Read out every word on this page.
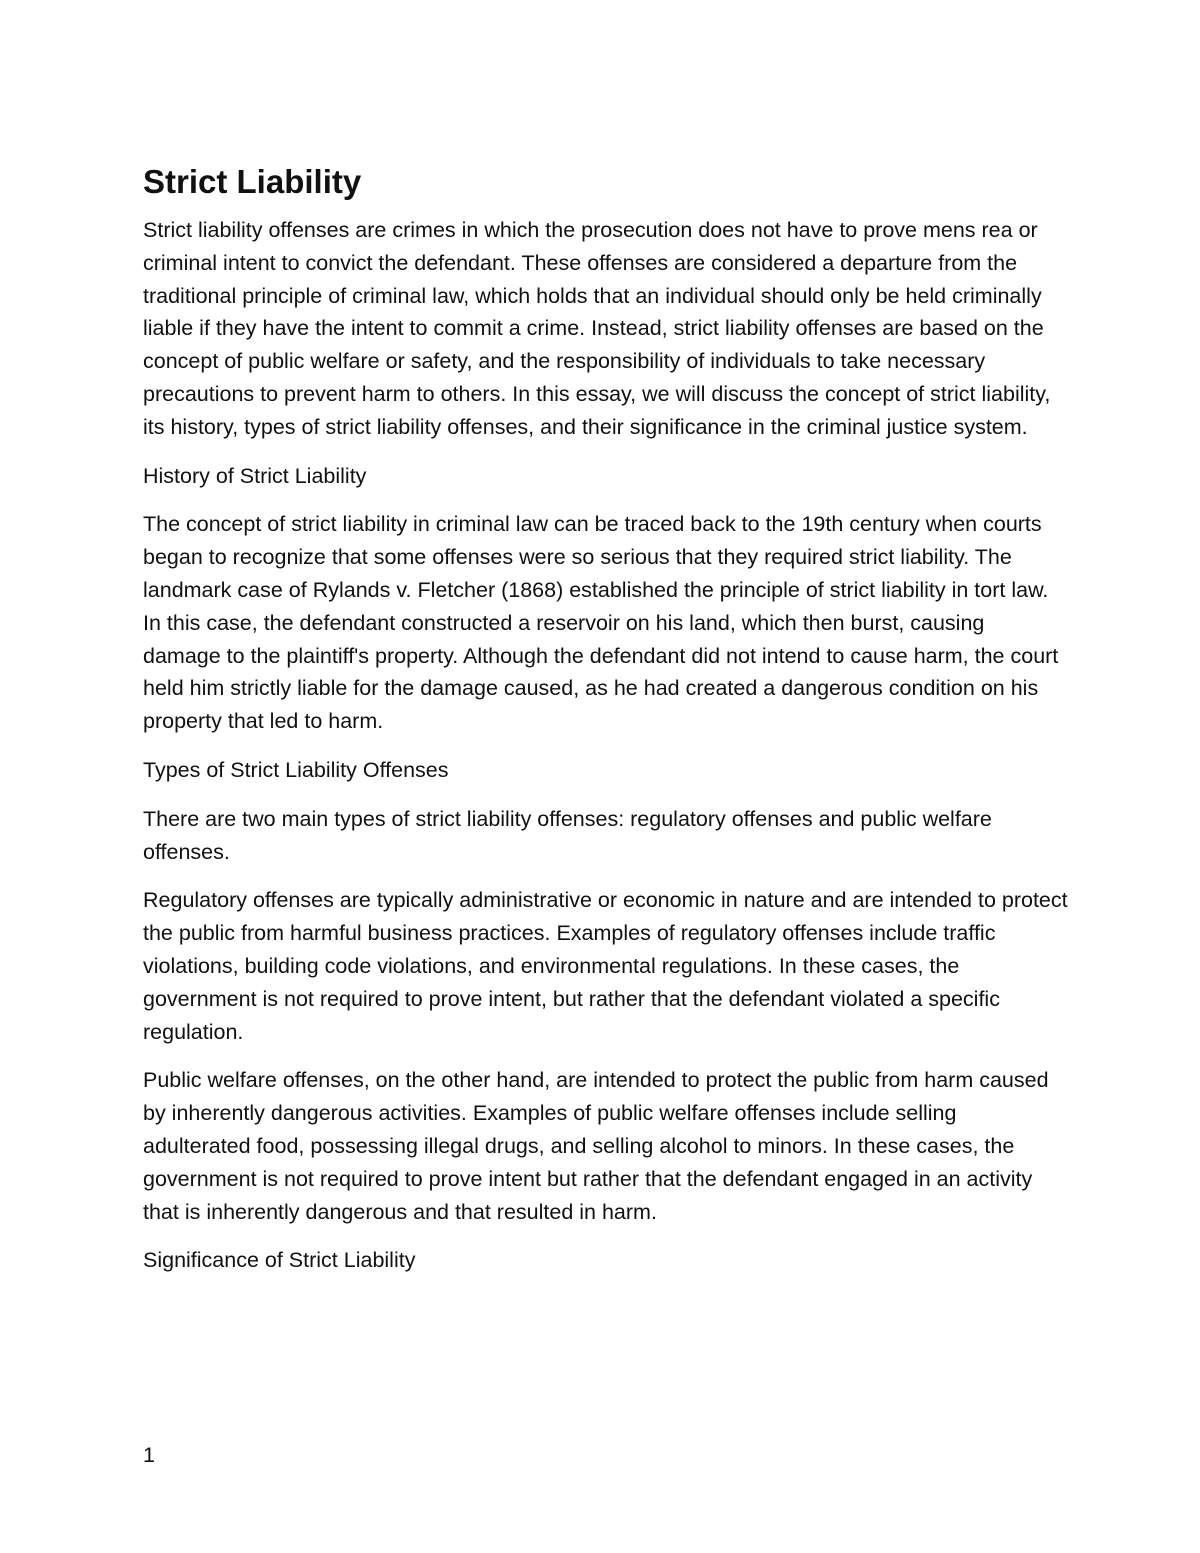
Strict Liability

Strict liability offenses are crimes in which the prosecution does not have to prove mens rea or criminal intent to convict the defendant. These offenses are considered a departure from the traditional principle of criminal law, which holds that an individual should only be held criminally liable if they have the intent to commit a crime. Instead, strict liability offenses are based on the concept of public welfare or safety, and the responsibility of individuals to take necessary precautions to prevent harm to others. In this essay, we will discuss the concept of strict liability, its history, types of strict liability offenses, and their significance in the criminal justice system.

History of Strict Liability

The concept of strict liability in criminal law can be traced back to the 19th century when courts began to recognize that some offenses were so serious that they required strict liability. The landmark case of Rylands v. Fletcher (1868) established the principle of strict liability in tort law. In this case, the defendant constructed a reservoir on his land, which then burst, causing damage to the plaintiff's property. Although the defendant did not intend to cause harm, the court held him strictly liable for the damage caused, as he had created a dangerous condition on his property that led to harm.

Types of Strict Liability Offenses

There are two main types of strict liability offenses: regulatory offenses and public welfare offenses.

Regulatory offenses are typically administrative or economic in nature and are intended to protect the public from harmful business practices. Examples of regulatory offenses include traffic violations, building code violations, and environmental regulations. In these cases, the government is not required to prove intent, but rather that the defendant violated a specific regulation.

Public welfare offenses, on the other hand, are intended to protect the public from harm caused by inherently dangerous activities. Examples of public welfare offenses include selling adulterated food, possessing illegal drugs, and selling alcohol to minors. In these cases, the government is not required to prove intent but rather that the defendant engaged in an activity that is inherently dangerous and that resulted in harm.

Significance of Strict Liability
1
